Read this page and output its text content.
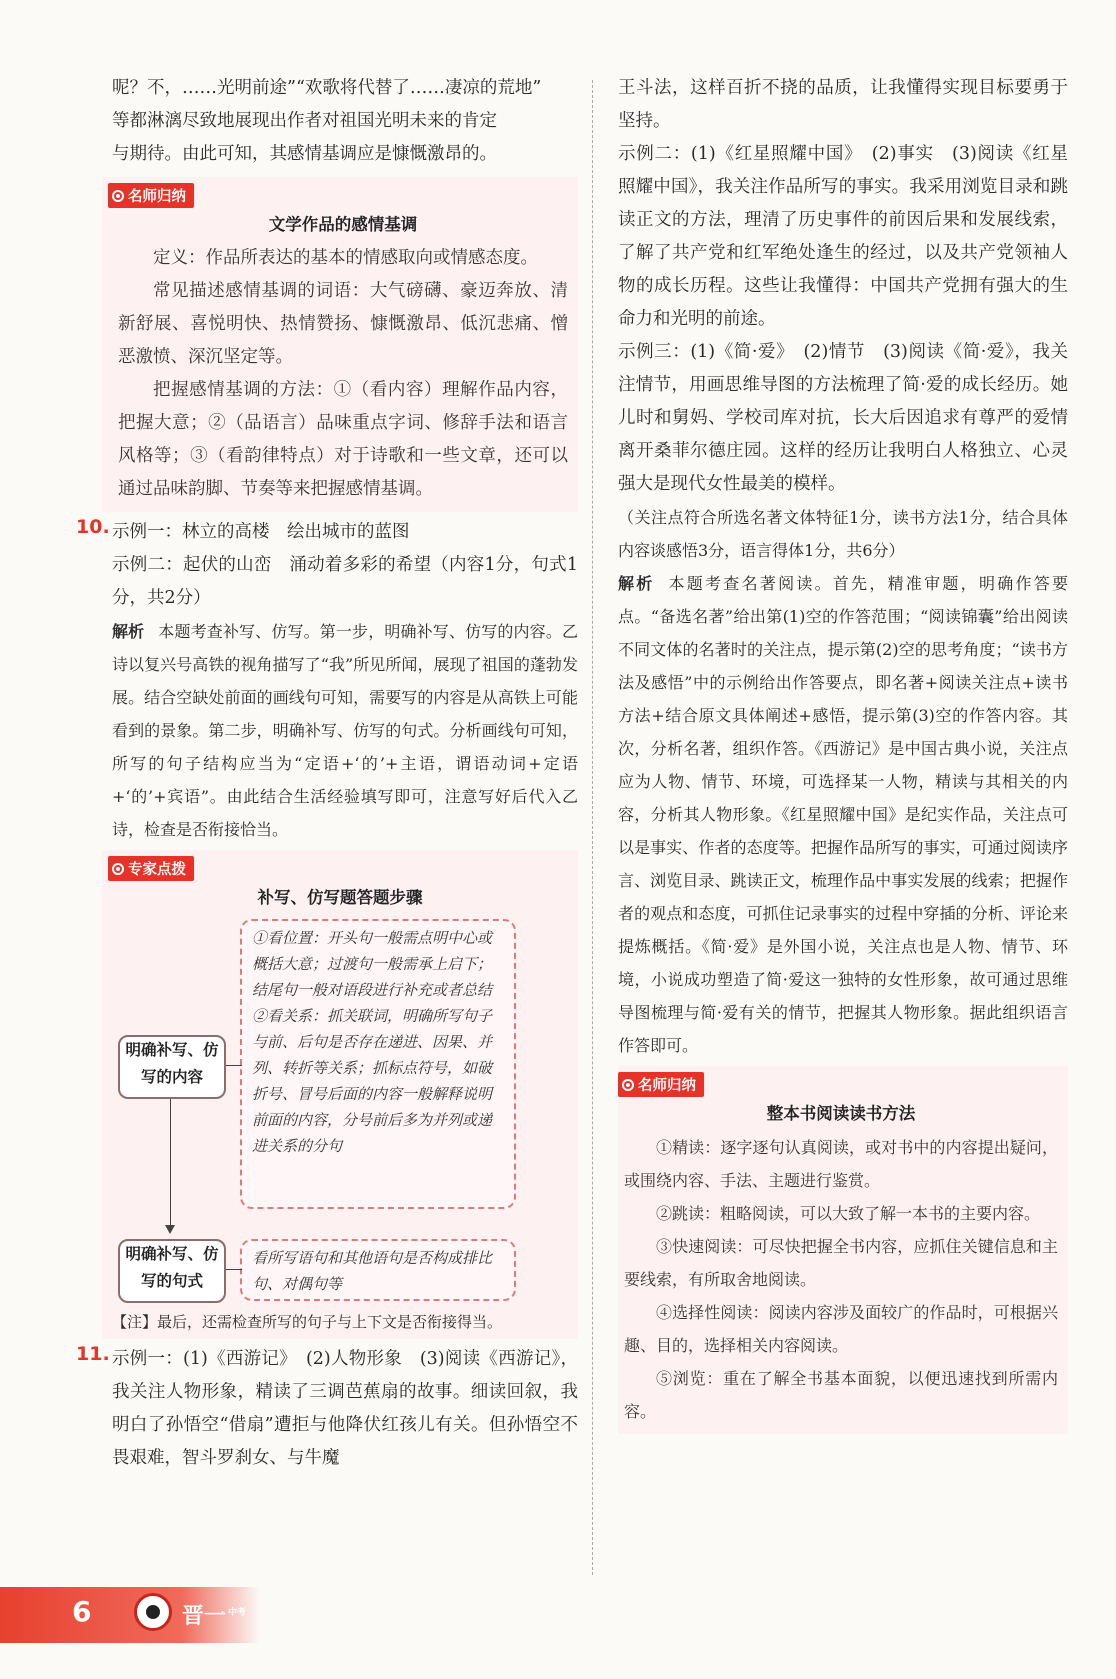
呢？不，……光明前途”“欢歌将代替了……凄凉的荒地”

等都淋漓尽致地展现出作者对祖国光明未来的肯定

与期待。由此可知，其感情基调应是慷慨激昂的。

名师归纳
文学作品的感情基调

定义：作品所表达的基本的情感取向或情感态度。

常见描述感情基调的词语：大气磅礴、豪迈奔放、清新舒展、喜悦明快、热情赞扬、慷慨激昂、低沉悲痛、憎恶激愤、深沉坚定等。

把握感情基调的方法：①（看内容）理解作品内容，把握大意；②（品语言）品味重点字词、修辞手法和语言风格等；③（看韵律特点）对于诗歌和一些文章，还可以通过品味韵脚、节奏等来把握感情基调。

10. 示例一：林立的高楼　绘出城市的蓝图

示例二：起伏的山峦　涌动着多彩的希望（内容1分，句式1分，共2分）

解析 本题考查补写、仿写。第一步，明确补写、仿写的内容。乙诗以复兴号高铁的视角描写了“我”所见所闻，展现了祖国的蓬勃发展。结合空缺处前面的画线句可知，需要写的内容是从高铁上可能看到的景象。第二步，明确补写、仿写的句式。分析画线句可知，所写的句子结构应当为“定语+‘的’+主语，谓语动词+定语+‘的’+宾语”。由此结合生活经验填写即可，注意写好后代入乙诗，检查是否衔接恰当。

专家点拨
补写、仿写题答题步骤

①看位置：开头句一般需点明中心或概括大意；过渡句一般需承上启下；结尾句一般对语段进行补充或者总结

②看关系：抓关联词，明确所写句子与前、后句是否存在递进、因果、并列、转折等关系；抓标点符号，如破折号、冒号后面的内容一般解释说明前面的内容，分号前后多为并列或递进关系的分句

明确补写、仿写的内容

看所写语句和其他语句是否构成排比句、对偶句等

明确补写、仿写的句式

【注】最后，还需检查所写的句子与上下文是否衔接得当。

11. 示例一：(1)《西游记》　(2)人物形象　(3)阅读《西游记》，我关注人物形象，精读了三调芭蕉扇的故事。细读回叙，我明白了孙悟空“借扇”遭拒与他降伏红孩儿有关。但孙悟空不畏艰难，智斗罗刹女、与牛魔

王斗法，这样百折不挠的品质，让我懂得实现目标要勇于坚持。

示例二：(1)《红星照耀中国》　(2)事实　(3)阅读《红星照耀中国》，我关注作品所写的事实。我采用浏览目录和跳读正文的方法，理清了历史事件的前因后果和发展线索，了解了共产党和红军绝处逢生的经过，以及共产党领袖人物的成长历程。这些让我懂得：中国共产党拥有强大的生命力和光明的前途。

示例三：(1)《简·爱》　(2)情节　(3)阅读《简·爱》，我关注情节，用画思维导图的方法梳理了简·爱的成长经历。她儿时和舅妈、学校司库对抗，长大后因追求有尊严的爱情离开桑菲尔德庄园。这样的经历让我明白人格独立、心灵强大是现代女性最美的模样。

（关注点符合所选名著文体特征1分，读书方法1分，结合具体内容谈感悟3分，语言得体1分，共6分）

解析 本题考查名著阅读。首先，精准审题，明确作答要点。“备选名著”给出第(1)空的作答范围；“阅读锦囊”给出阅读不同文体的名著时的关注点，提示第(2)空的思考角度；“读书方法及感悟”中的示例给出作答要点，即名著+阅读关注点+读书方法+结合原文具体阐述+感悟，提示第(3)空的作答内容。其次，分析名著，组织作答。《西游记》是中国古典小说，关注点应为人物、情节、环境，可选择某一人物，精读与其相关的内容，分析其人物形象。《红星照耀中国》是纪实作品，关注点可以是事实、作者的态度等。把握作品所写的事实，可通过阅读序言、浏览目录、跳读正文，梳理作品中事实发展的线索；把握作者的观点和态度，可抓住记录事实的过程中穿插的分析、评论来提炼概括。《简·爱》是外国小说，关注点也是人物、情节、环境，小说成功塑造了简·爱这一独特的女性形象，故可通过思维导图梳理与简·爱有关的情节，把握其人物形象。据此组织语言作答即可。

名师归纳
整本书阅读读书方法

①精读：逐字逐句认真阅读，或对书中的内容提出疑问，或围绕内容、手法、主题进行鉴赏。

②跳读：粗略阅读，可以大致了解一本书的主要内容。

③快速阅读：可尽快把握全书内容，应抓住关键信息和主要线索，有所取舍地阅读。

④选择性阅读：阅读内容涉及面较广的作品时，可根据兴趣、目的，选择相关内容阅读。

⑤浏览：重在了解全书基本面貌，以便迅速找到所需内容。

6	晋一 $^{中考}$
